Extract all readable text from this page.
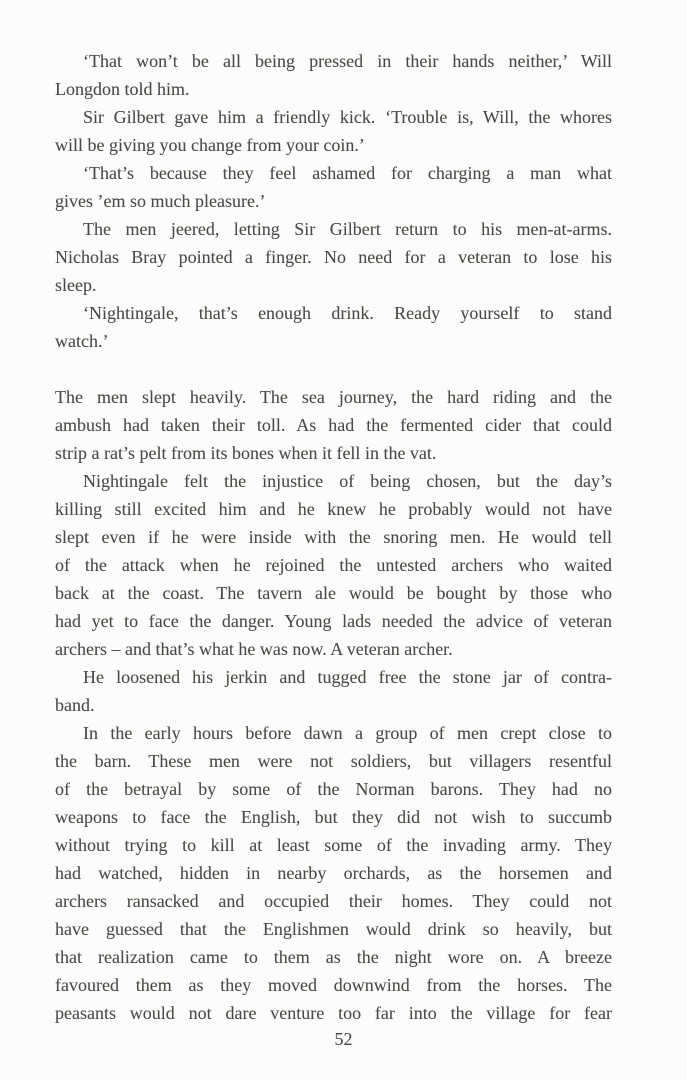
‘That won’t be all being pressed in their hands neither,’ Will
Longdon told him.
Sir Gilbert gave him a friendly kick. ‘Trouble is, Will, the whores
will be giving you change from your coin.’
‘That’s because they feel ashamed for charging a man what
gives ’em so much pleasure.’
The men jeered, letting Sir Gilbert return to his men-at-arms.
Nicholas Bray pointed a finger. No need for a veteran to lose his
sleep.
‘Nightingale, that’s enough drink. Ready yourself to stand
watch.’
The men slept heavily. The sea journey, the hard riding and the
ambush had taken their toll. As had the fermented cider that could
strip a rat’s pelt from its bones when it fell in the vat.
Nightingale felt the injustice of being chosen, but the day’s
killing still excited him and he knew he probably would not have
slept even if he were inside with the snoring men. He would tell
of the attack when he rejoined the untested archers who waited
back at the coast. The tavern ale would be bought by those who
had yet to face the danger. Young lads needed the advice of veteran
archers – and that’s what he was now. A veteran archer.
He loosened his jerkin and tugged free the stone jar of contra-
band.
In the early hours before dawn a group of men crept close to
the barn. These men were not soldiers, but villagers resentful
of the betrayal by some of the Norman barons. They had no
weapons to face the English, but they did not wish to succumb
without trying to kill at least some of the invading army. They
had watched, hidden in nearby orchards, as the horsemen and
archers ransacked and occupied their homes. They could not
have guessed that the Englishmen would drink so heavily, but
that realization came to them as the night wore on. A breeze
favoured them as they moved downwind from the horses. The
peasants would not dare venture too far into the village for fear
52
